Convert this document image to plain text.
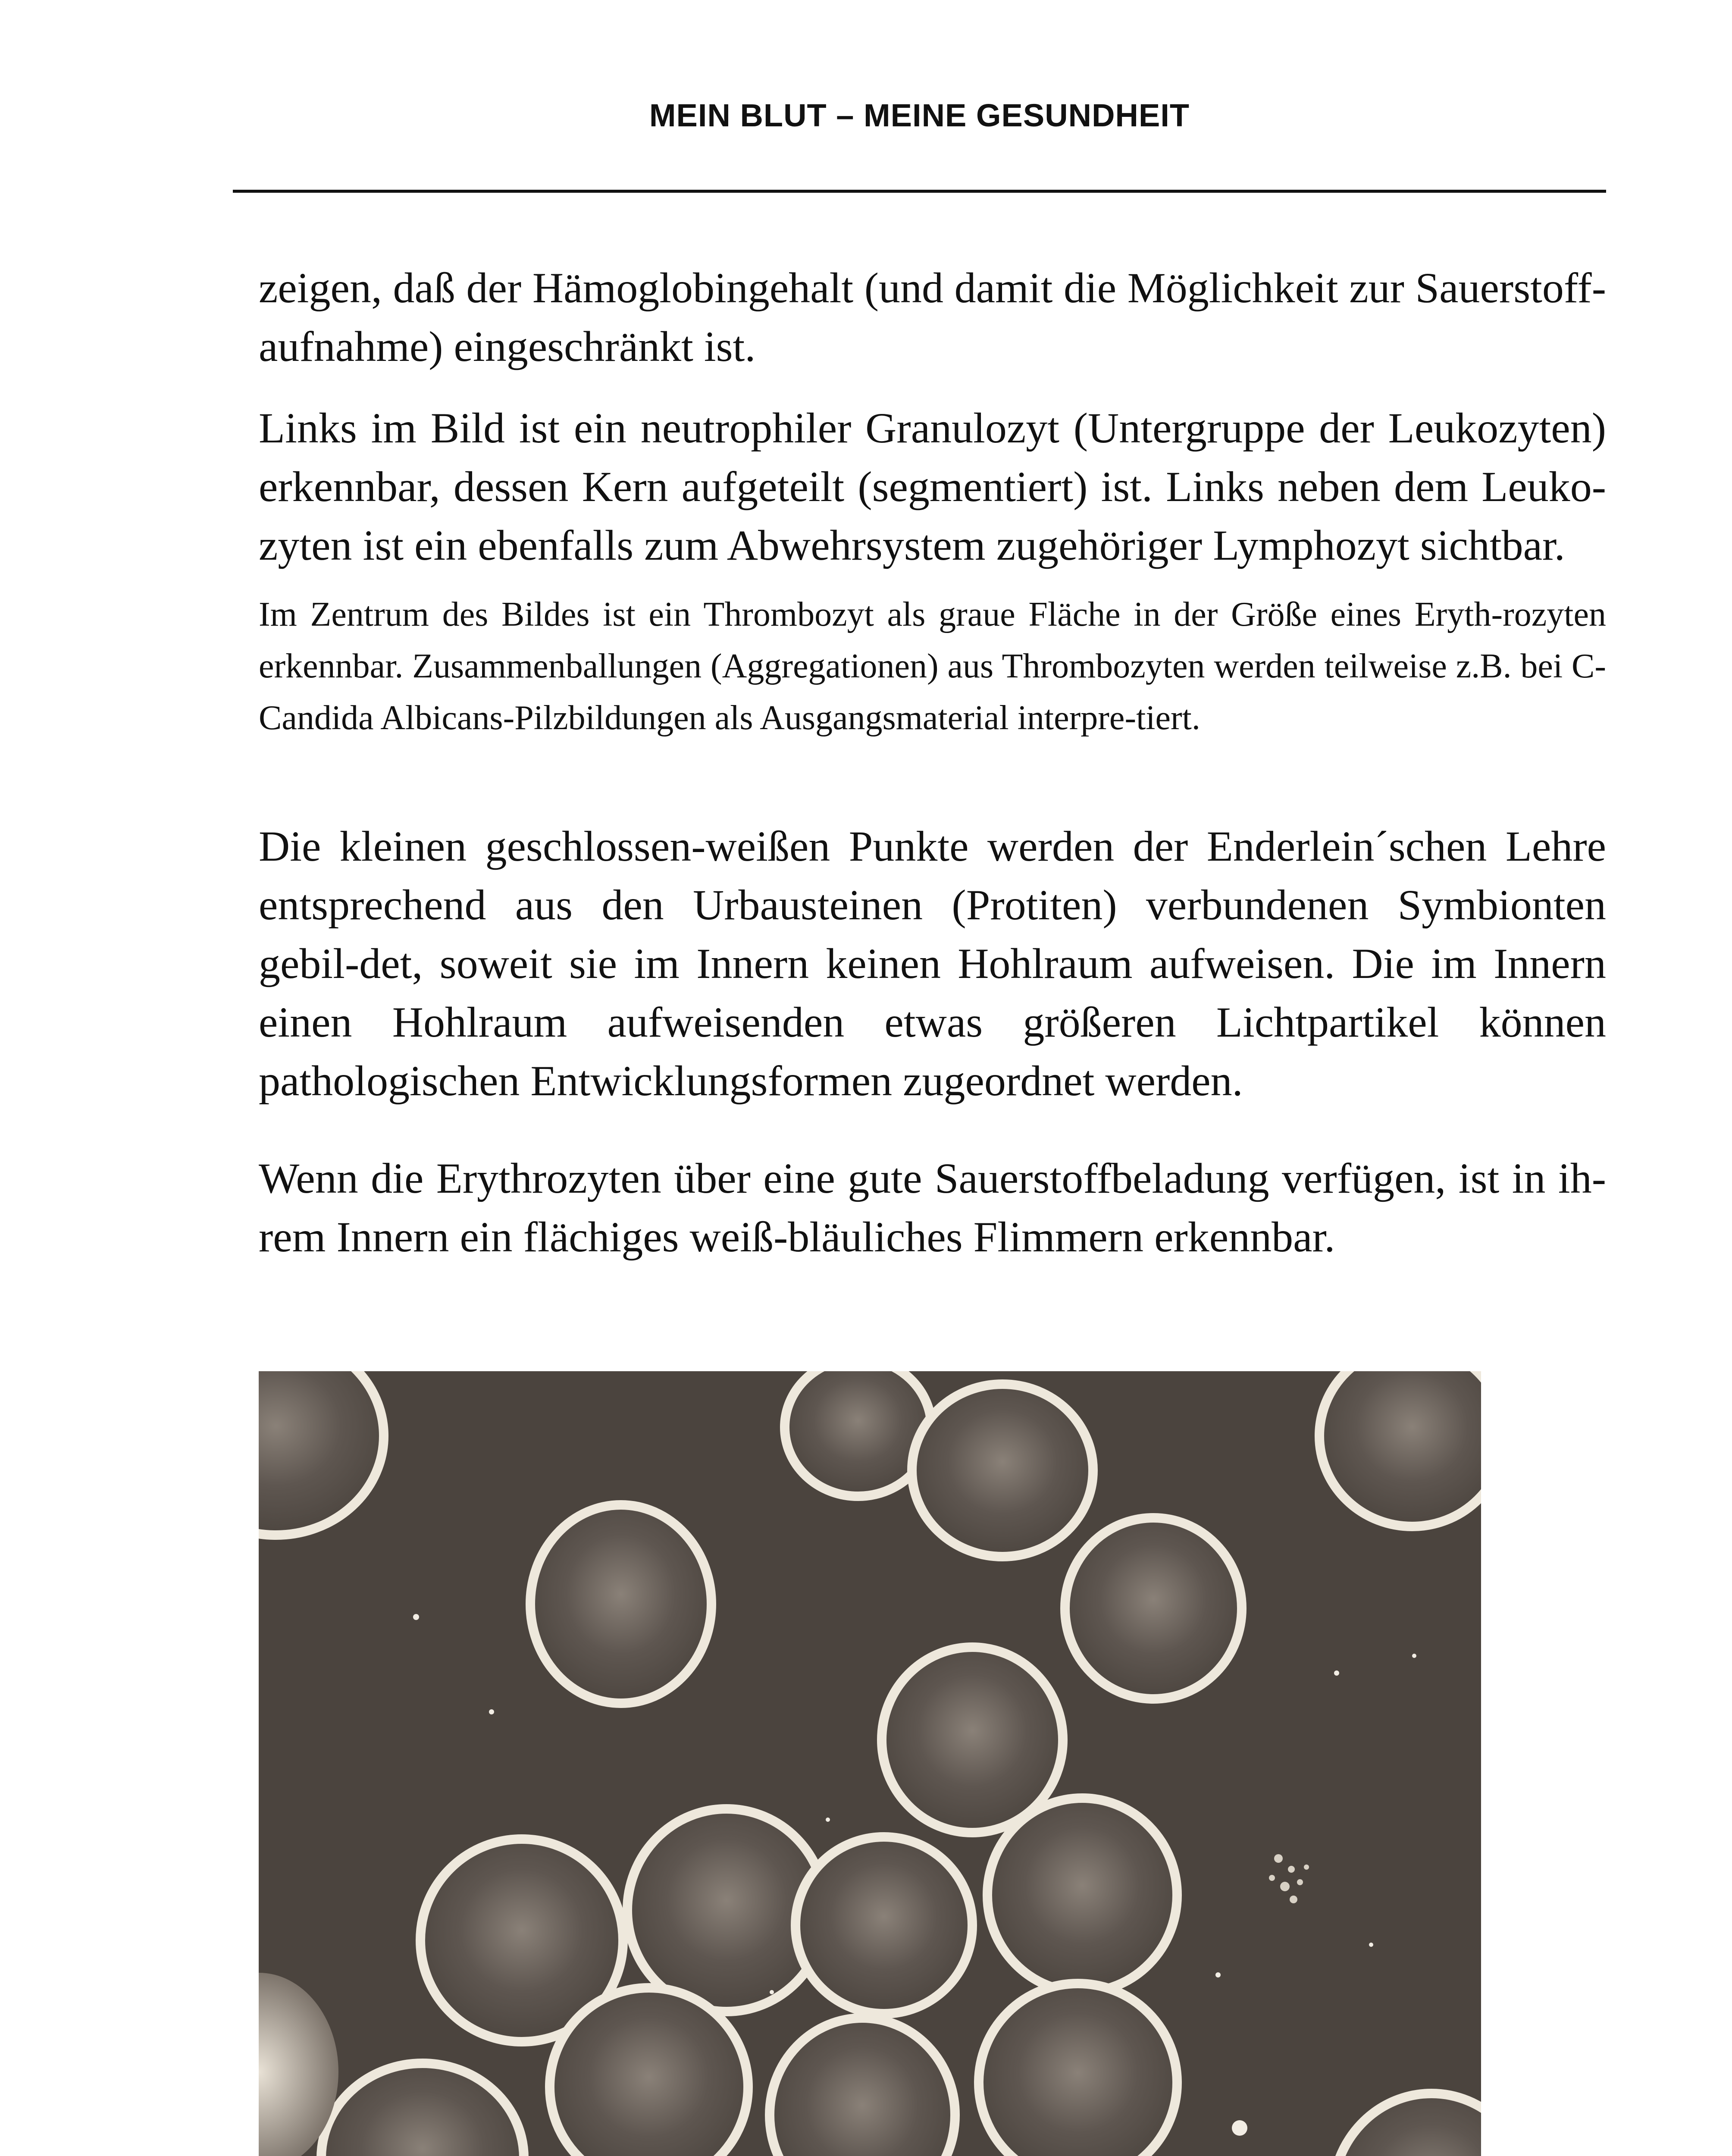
MEIN BLUT – MEINE GESUNDHEIT

zeigen, daß der Hämoglobingehalt (und damit die Möglichkeit zur Sauerstoff-aufnahme) eingeschränkt ist.

Links im Bild ist ein neutrophiler Granulozyt (Untergruppe der Leukozyten) erkennbar, dessen Kern aufgeteilt (segmentiert) ist. Links neben dem Leuko-zyten ist ein ebenfalls zum Abwehrsystem zugehöriger Lymphozyt sichtbar.

Im Zentrum des Bildes ist ein Thrombozyt als graue Fläche in der Größe eines Eryth-rozyten erkennbar. Zusammenballungen (Aggregationen) aus Thrombozyten werden teilweise z.B. bei C-Candida Albicans-Pilzbildungen als Ausgangsmaterial interpre-tiert.

Die kleinen geschlossen-weißen Punkte werden der Enderlein´schen Lehre entsprechend aus den Urbausteinen (Protiten) verbundenen Symbionten gebil-det, soweit sie im Innern keinen Hohlraum aufweisen. Die im Innern einen Hohlraum aufweisenden etwas größeren Lichtpartikel können pathologischen Entwicklungsformen zugeordnet werden.

Wenn die Erythrozyten über eine gute Sauerstoffbeladung verfügen, ist in ih-rem Innern ein flächiges weiß-bläuliches Flimmern erkennbar.
